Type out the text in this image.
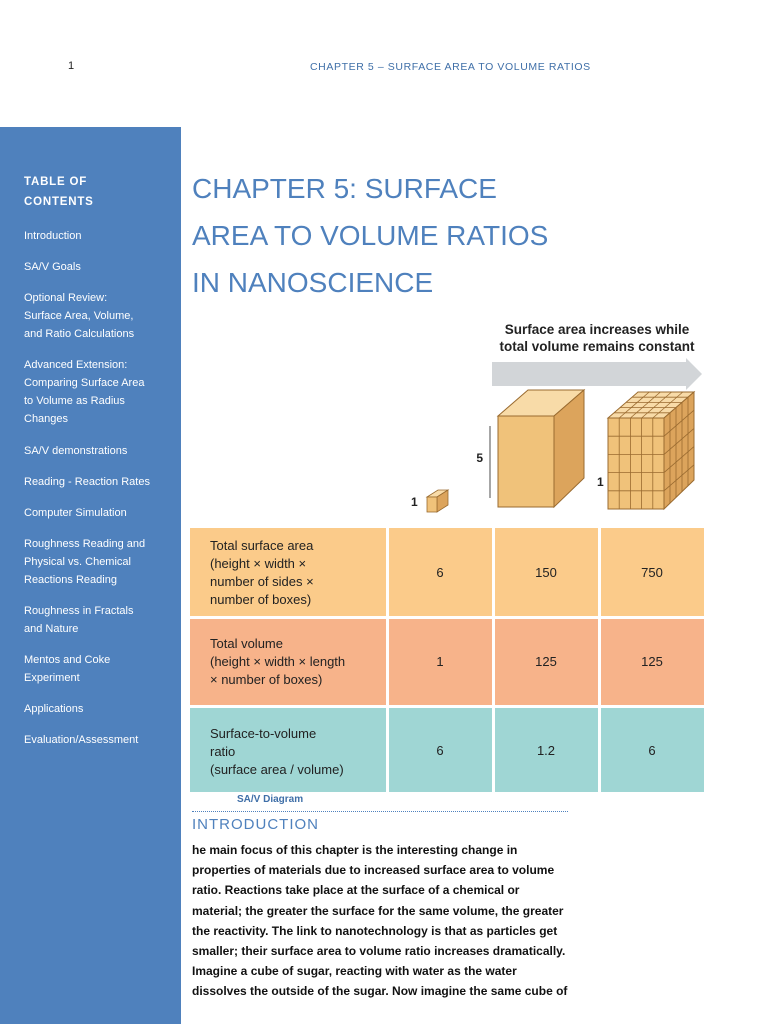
1	CHAPTER 5 – SURFACE AREA TO VOLUME RATIOS
TABLE OF
CONTENTS
Introduction
SA/V Goals
Optional Review:
Surface Area, Volume,
and Ratio Calculations
Advanced Extension:
Comparing Surface Area
to Volume as Radius
Changes
SA/V demonstrations
Reading - Reaction Rates
Computer Simulation
Roughness Reading and
Physical vs. Chemical
Reactions Reading
Roughness in Fractals
and Nature
Mentos and Coke
Experiment
Applications
Evaluation/Assessment
CHAPTER 5: SURFACE
AREA TO VOLUME RATIOS
IN NANOSCIENCE
Surface area increases while
total volume remains constant
1
5
1
Total surface area
(height × width ×
number of sides ×
number of boxes)
6	150	750
Total volume
(height × width × length
× number of boxes)
1	125	125
Surface-to-volume
ratio
(surface area / volume)
6	1.2	6
SA/V Diagram
INTRODUCTION

he main focus of this chapter is the interesting change in properties of materials due to increased surface area to volume ratio. Reactions take place at the surface of a chemical or material; the greater the surface for the same volume, the greater the reactivity. The link to nanotechnology is that as particles get smaller; their surface area to volume ratio increases dramatically. Imagine a cube of sugar, reacting with water as the water dissolves the outside of the sugar. Now imagine the same cube of
